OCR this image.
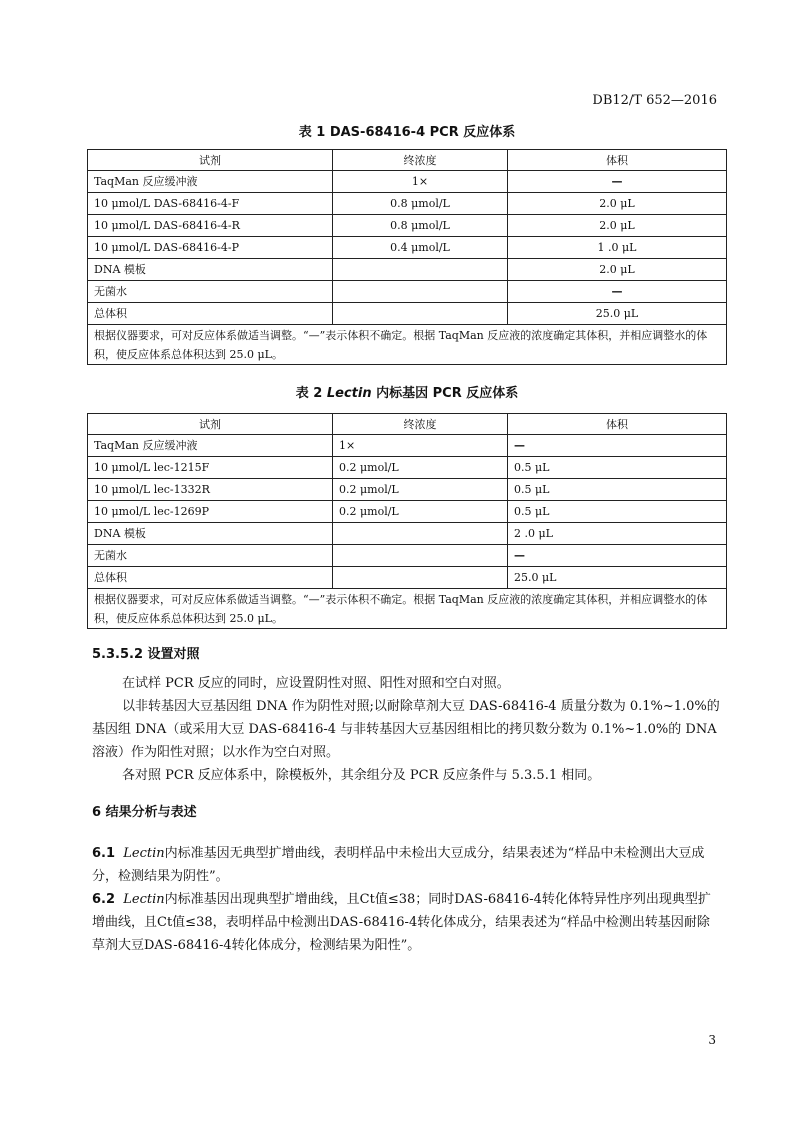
DB12/T 652—2016
表 1 DAS-68416-4 PCR 反应体系
试剂	终浓度	体积
TaqMan 反应缓冲液	1×	—
10 μmol/L DAS-68416-4-F	0.8 μmol/L	2.0 μL
10 μmol/L DAS-68416-4-R	0.8 μmol/L	2.0 μL
10 μmol/L DAS-68416-4-P	0.4 μmol/L	1 .0 μL
DNA 模板		2.0 μL
无菌水		—
总体积		25.0 μL
根据仪器要求，可对反应体系做适当调整。“—”表示体积不确定。根据 TaqMan 反应液的浓度确定其体积，并相应调整水的体积，使反应体系总体积达到 25.0 μL。		
表 2 Lectin 内标基因 PCR 反应体系
试剂	终浓度	体积
TaqMan 反应缓冲液	1×	—
10 μmol/L lec-1215F	0.2 μmol/L	0.5 μL
10 μmol/L lec-1332R	0.2 μmol/L	0.5 μL
10 μmol/L lec-1269P	0.2 μmol/L	0.5 μL
DNA 模板		2 .0 μL
无菌水		—
总体积		25.0 μL
根据仪器要求，可对反应体系做适当调整。“—”表示体积不确定。根据 TaqMan 反应液的浓度确定其体积，并相应调整水的体积，使反应体系总体积达到 25.0 μL。		
5.3.5.2 设置对照
在试样 PCR 反应的同时，应设置阴性对照、阳性对照和空白对照。
以非转基因大豆基因组 DNA 作为阴性对照;以耐除草剂大豆 DAS-68416-4 质量分数为 0.1%~1.0%的基因组 DNA（或采用大豆 DAS-68416-4 与非转基因大豆基因组相比的拷贝数分数为 0.1%~1.0%的 DNA 溶液）作为阳性对照；以水作为空白对照。
各对照 PCR 反应体系中，除模板外，其余组分及 PCR 反应条件与 5.3.5.1 相同。
6 结果分析与表述
6.1 Lectin内标准基因无典型扩增曲线，表明样品中未检出大豆成分，结果表述为“样品中未检测出大豆成分，检测结果为阴性”。
6.2 Lectin内标准基因出现典型扩增曲线，且Ct值≤38；同时DAS-68416-4转化体特异性序列出现典型扩增曲线，且Ct值≤38，表明样品中检测出DAS-68416-4转化体成分，结果表述为“样品中检测出转基因耐除草剂大豆DAS-68416-4转化体成分，检测结果为阳性”。
3
